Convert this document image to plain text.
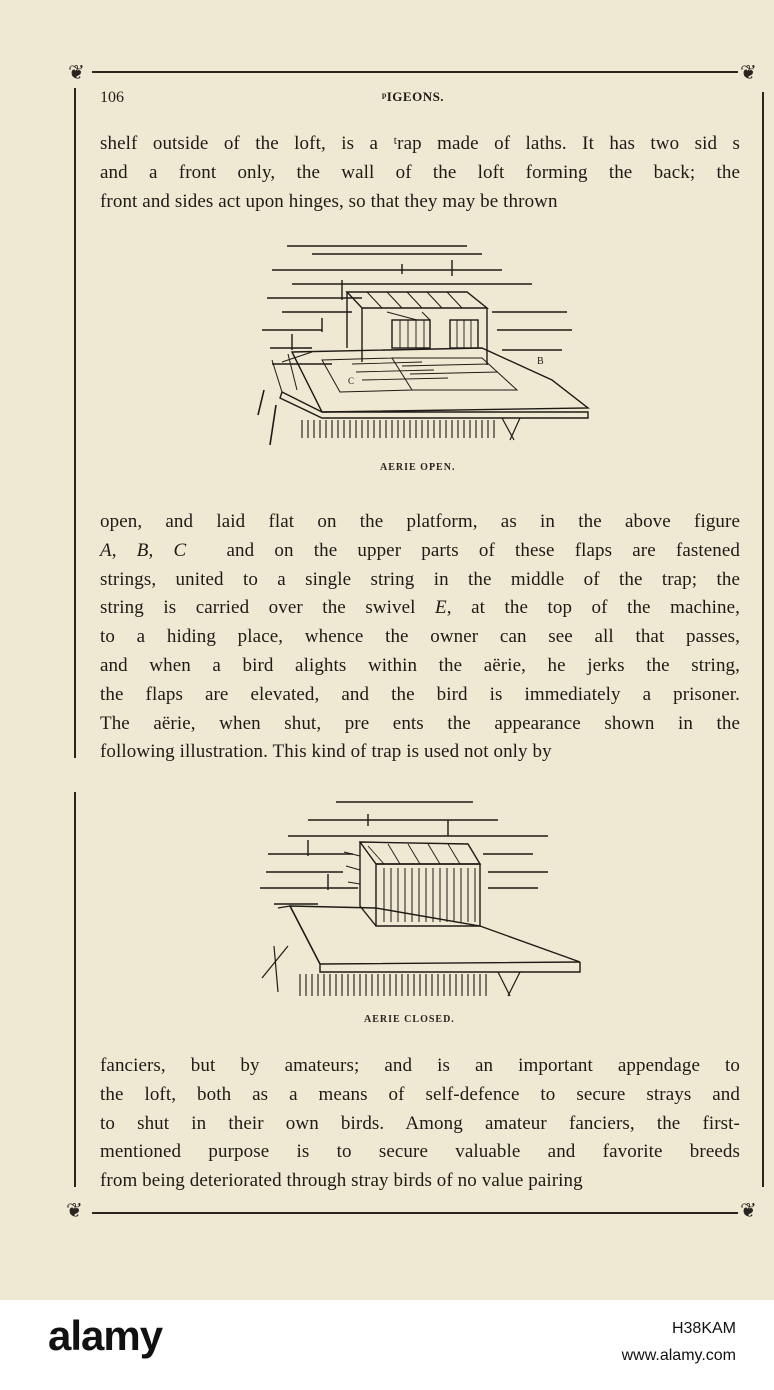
❦	❦
❦	❦
106	ᵖIGEONS.

shelf outside of the loft, is a ᵗrap made of laths. It has two sid s
and a front only, the wall of the loft forming the back; the
front and sides act upon hinges, so that they may be thrown

B
C
AERIE OPEN.

open, and laid flat on the platform, as in the above figure
A, B, C  and on the upper parts of these flaps are fastened
strings, united to a single string in the middle of the trap; the
string is carried over the swivel E, at the top of the machine,
to a hiding place, whence the owner can see all that passes,
and when a bird alights within the aërie, he jerks the string,
the flaps are elevated, and the bird is immediately a prisoner.
The aërie, when shut, pre ents the appearance shown in the
following illustration. This kind of trap is used not only by

AERIE CLOSED.

fanciers, but by amateurs; and is an important appendage to
the loft, both as a means of self-defence to secure strays and
to shut in their own birds. Among amateur fanciers, the first-
mentioned purpose is to secure valuable and favorite breeds
from being deteriorated through stray birds of no value pairing

alamy	H38KAM
www.alamy.com
